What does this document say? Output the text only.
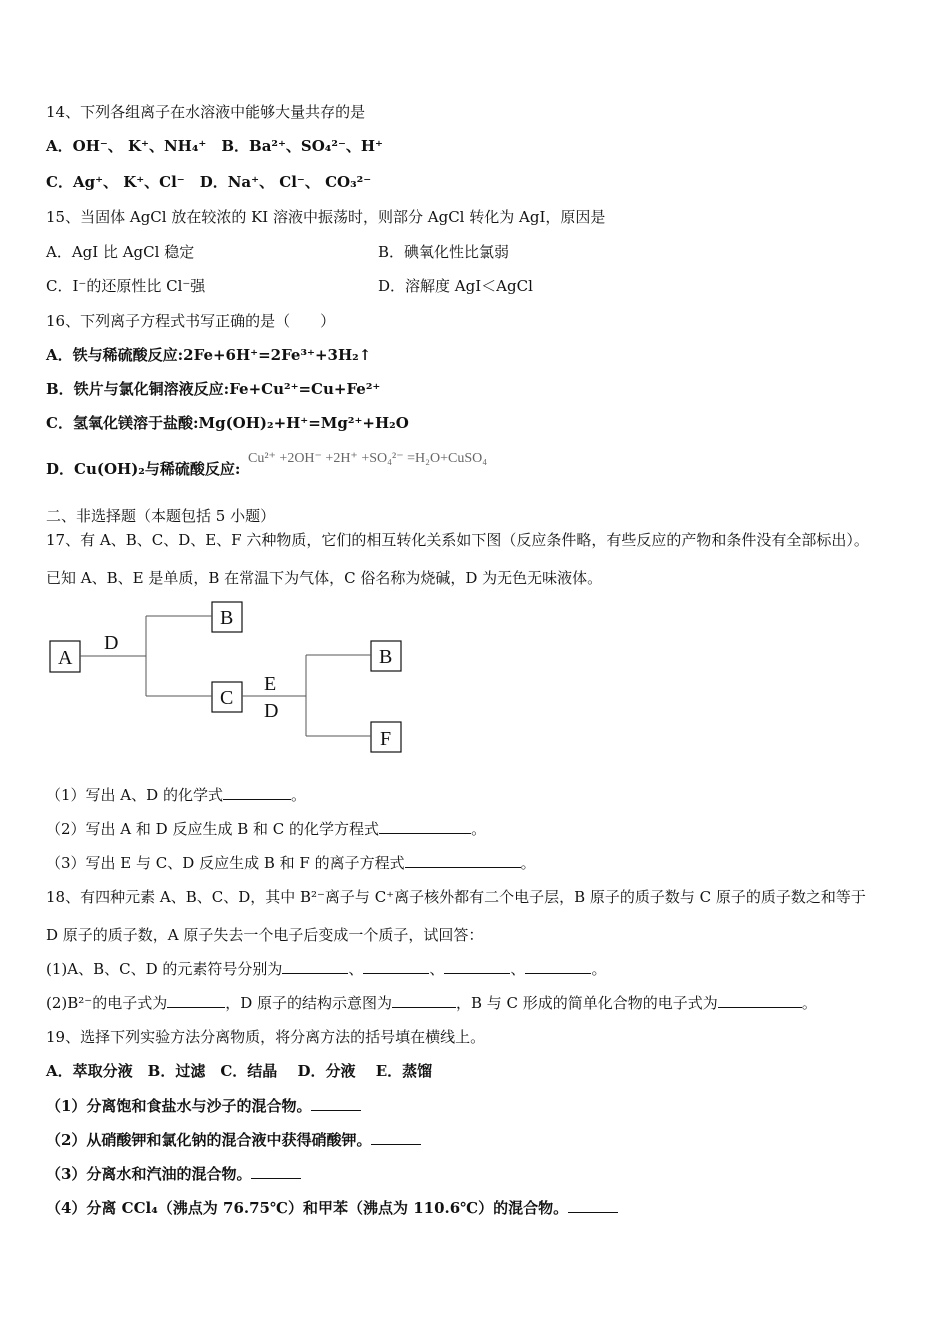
14、下列各组离子在水溶液中能够大量共存的是
A．OH⁻、 K⁺、NH₄⁺　B．Ba²⁺、SO₄²⁻、H⁺
C．Ag⁺、 K⁺、Cl⁻　D．Na⁺、 Cl⁻、 CO₃²⁻
15、当固体 AgCl 放在较浓的 KI 溶液中振荡时，则部分 AgCl 转化为 AgI，原因是
A．AgI 比 AgCl 稳定	B．碘氧化性比氯弱
C．I⁻的还原性比 Cl⁻强	D．溶解度 AgI＜AgCl
16、下列离子方程式书写正确的是（　　）
A．铁与稀硫酸反应:2Fe+6H⁺=2Fe³⁺+3H₂↑
B．铁片与氯化铜溶液反应:Fe+Cu²⁺=Cu+Fe²⁺
C．氢氧化镁溶于盐酸:Mg(OH)₂+H⁺=Mg²⁺+H₂O
D．Cu(OH)₂与稀硫酸反应:
Cu²⁺ +2OH⁻ +2H⁺ +SO₄²⁻ =H₂O+CuSO₄
二、非选择题（本题包括 5 小题）
17、有 A、B、C、D、E、F 六种物质，它们的相互转化关系如下图（反应条件略，有些反应的产物和条件没有全部标出）。
已知 A、B、E 是单质，B 在常温下为气体，C 俗名称为烧碱，D 为无色无味液体。
A
B
C
B
F
D
E
D
（1）写出 A、D 的化学式	。
（2）写出 A 和 D 反应生成 B 和 C 的化学方程式	。
（3）写出 E 与 C、D 反应生成 B 和 F 的离子方程式	。
18、有四种元素 A、B、C、D，其中 B²⁻离子与 C⁺离子核外都有二个电子层，B 原子的质子数与 C 原子的质子数之和等于
D 原子的质子数，A 原子失去一个电子后变成一个质子，试回答：
(1)A、B、C、D 的元素符号分别为	、	、	、	。
(2)B²⁻的电子式为	，D 原子的结构示意图为	，B 与 C 形成的简单化合物的电子式为	。
19、选择下列实验方法分离物质，将分离方法的括号填在横线上。
A．萃取分液　B．过滤　C．结晶　 D．分液　 E．蒸馏
（1）分离饱和食盐水与沙子的混合物。
（2）从硝酸钾和氯化钠的混合液中获得硝酸钾。
（3）分离水和汽油的混合物。
（4）分离 CCl₄（沸点为 76.75℃）和甲苯（沸点为 110.6℃）的混合物。
